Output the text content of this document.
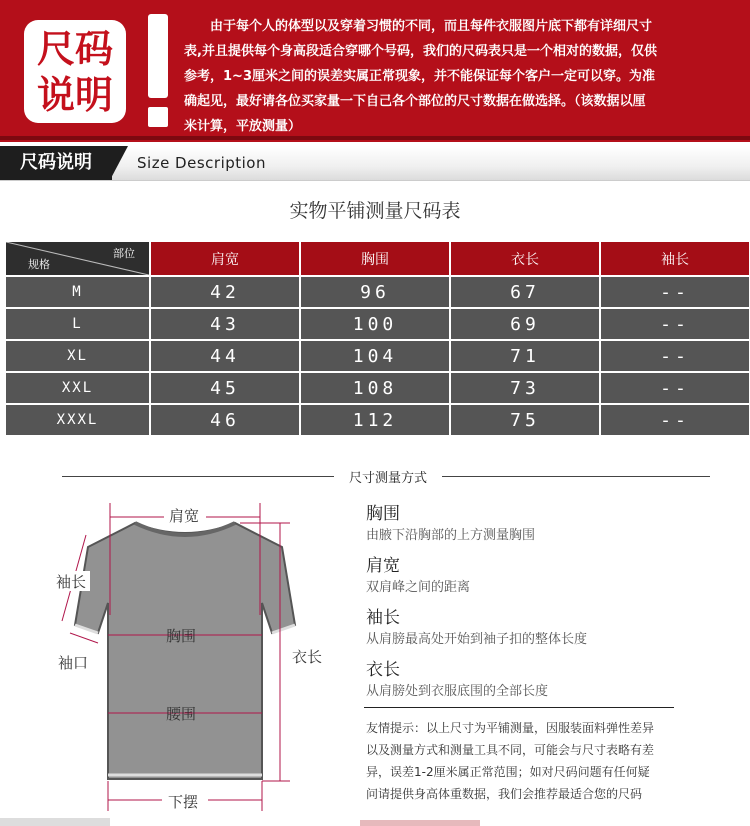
尺码
说明
由于每个人的体型以及穿着习惯的不同，而且每件衣服图片底下都有详细尺寸
表,并且提供每个身高段适合穿哪个号码，我们的尺码表只是一个相对的数据，仅供
参考，1~3厘米之间的误差实属正常现象，并不能保证每个客户一定可以穿。为准
确起见，最好请各位买家量一下自己各个部位的尺寸数据在做选择。（该数据以厘
米计算，平放测量）
尺码说明	Size Description
实物平铺测量尺码表
部位
规格	肩宽	胸围	衣长	袖长
M	42	96	67	--
L	43	100	69	--
XL	44	104	71	--
XXL	45	108	73	--
XXXL	46	112	75	--
尺寸测量方式
肩宽
袖长
袖口
胸围
衣长
腰围
下摆
胸围
由腋下沿胸部的上方测量胸围
肩宽
双肩峰之间的距离
袖长
从肩膀最高处开始到袖子扣的整体长度
衣长
从肩膀处到衣服底围的全部长度
友情提示：以上尺寸为平铺测量，因服装面料弹性差异
以及测量方式和测量工具不同，可能会与尺寸表略有差
异，误差1-2厘米属正常范围；如对尺码问题有任何疑
问请提供身高体重数据，我们会推荐最适合您的尺码
